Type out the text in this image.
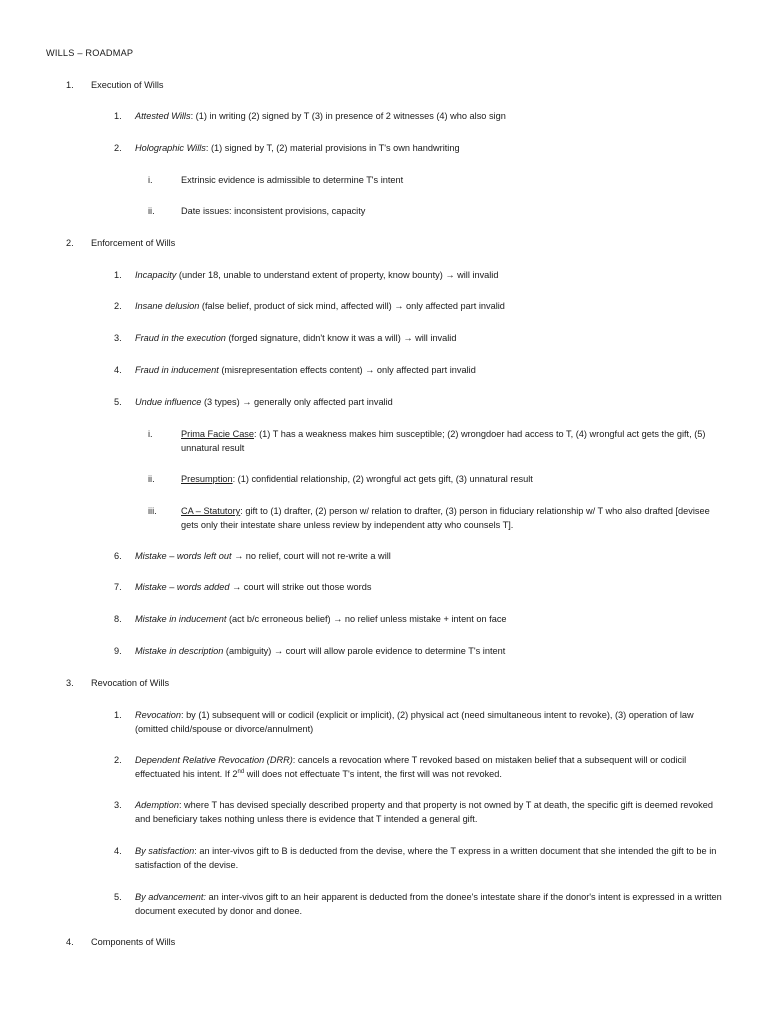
WILLS – ROADMAP
1. Execution of Wills
1. Attested Wills: (1) in writing (2) signed by T (3) in presence of 2 witnesses (4) who also sign
2. Holographic Wills: (1) signed by T, (2) material provisions in T's own handwriting
i.	Extrinsic evidence is admissible to determine T's intent
ii.	Date issues: inconsistent provisions, capacity
2. Enforcement of Wills
1. Incapacity (under 18, unable to understand extent of property, know bounty) → will invalid
2. Insane delusion (false belief, product of sick mind, affected will) → only affected part invalid
3. Fraud in the execution (forged signature, didn't know it was a will) → will invalid
4. Fraud in inducement (misrepresentation effects content) → only affected part invalid
5. Undue influence (3 types) → generally only affected part invalid
i.	Prima Facie Case: (1) T has a weakness makes him susceptible; (2) wrongdoer had access to T, (4) wrongful act gets the gift, (5) unnatural result
ii.	Presumption: (1) confidential relationship, (2) wrongful act gets gift, (3) unnatural result
iii.	CA – Statutory: gift to (1) drafter, (2) person w/ relation to drafter, (3) person in fiduciary relationship w/ T who also drafted [devisee gets only their intestate share unless review by independent atty who counsels T].
6. Mistake – words left out → no relief, court will not re-write a will
7. Mistake – words added → court will strike out those words
8. Mistake in inducement (act b/c erroneous belief) → no relief unless mistake + intent on face
9. Mistake in description (ambiguity) → court will allow parole evidence to determine T's intent
3. Revocation of Wills
1. Revocation: by (1) subsequent will or codicil (explicit or implicit), (2) physical act (need simultaneous intent to revoke), (3) operation of law (omitted child/spouse or divorce/annulment)
2. Dependent Relative Revocation (DRR): cancels a revocation where T revoked based on mistaken belief that a subsequent will or codicil effectuated his intent. If 2nd will does not effectuate T's intent, the first will was not revoked.
3. Ademption: where T has devised specially described property and that property is not owned by T at death, the specific gift is deemed revoked and beneficiary takes nothing unless there is evidence that T intended a general gift.
4. By satisfaction: an inter-vivos gift to B is deducted from the devise, where the T express in a written document that she intended the gift to be in satisfaction of the devise.
5. By advancement: an inter-vivos gift to an heir apparent is deducted from the donee's intestate share if the donor's intent is expressed in a written document executed by donor and donee.
4. Components of Wills
